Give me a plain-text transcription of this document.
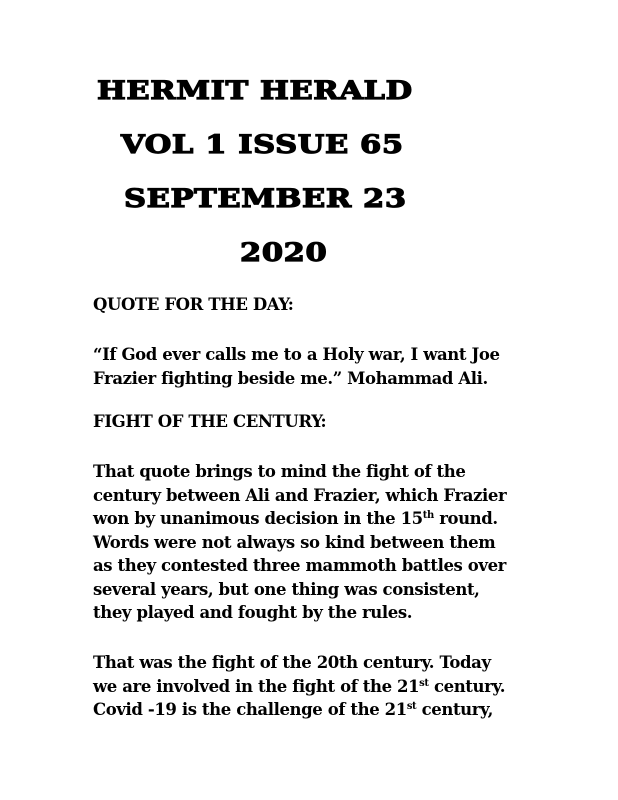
HERMIT HERALD
VOL 1 ISSUE 65
SEPTEMBER 23
2020

QUOTE FOR THE DAY:

“If God ever calls me to a Holy war, I want Joe

Frazier fighting beside me.” Mohammad Ali.

FIGHT OF THE CENTURY:

That quote brings to mind the fight of the

century between Ali and Frazier, which Frazier

won by unanimous decision in the 15th round.

Words were not always so kind between them

as they contested three mammoth battles over

several years, but one thing was consistent,

they played and fought by the rules.

That was the fight of the 20th century. Today

we are involved in the fight of the 21st century.

Covid -19 is the challenge of the 21st century,
